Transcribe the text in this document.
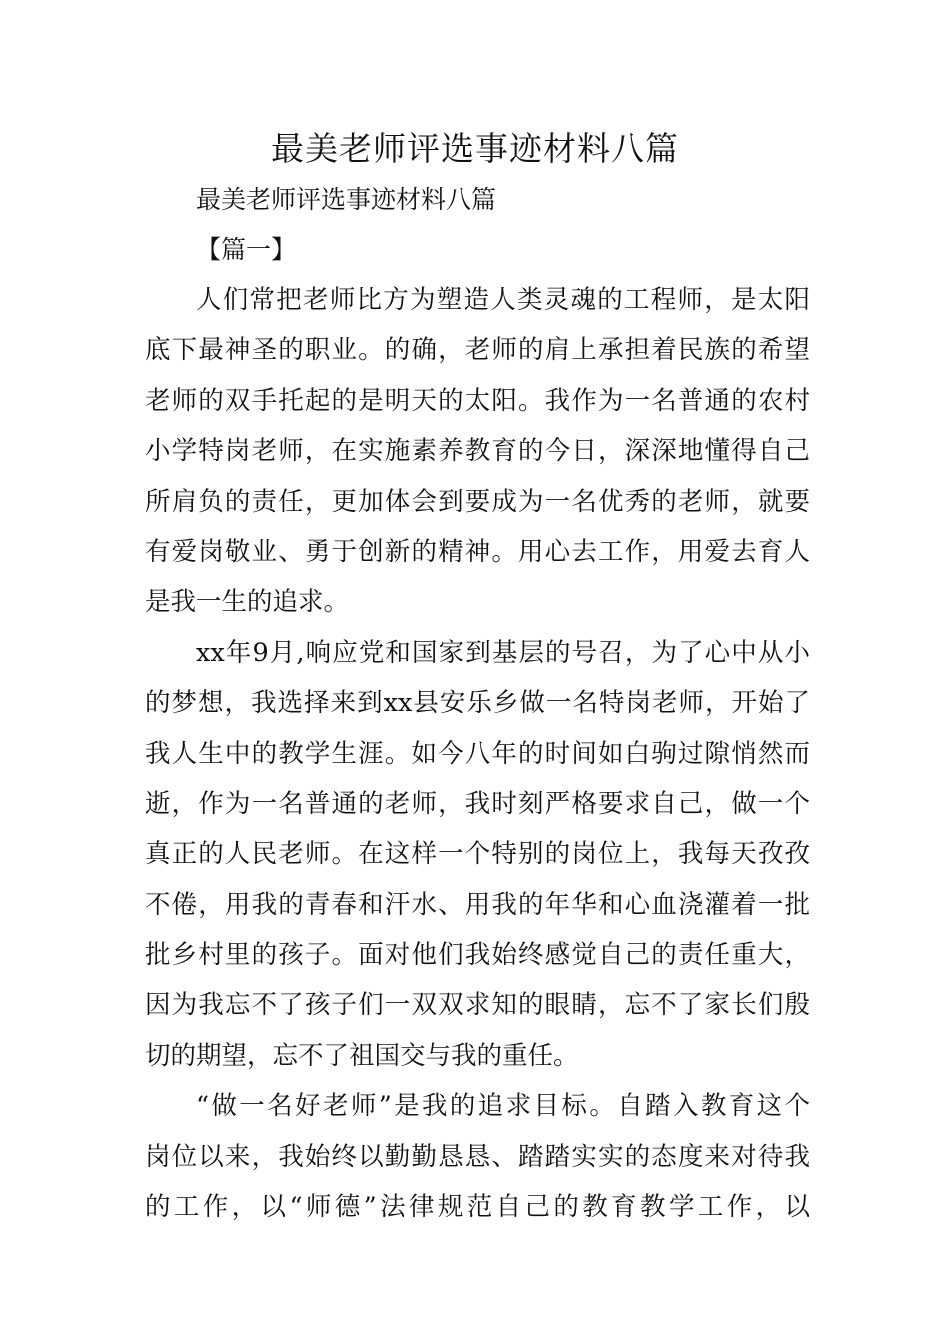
最美老师评选事迹材料八篇
最美老师评选事迹材料八篇
【篇一】
人们常把老师比方为塑造人类灵魂的工程师，是太阳
底下最神圣的职业。的确，老师的肩上承担着民族的希望
老师的双手托起的是明天的太阳。我作为一名普通的农村
小学特岗老师，在实施素养教育的今日，深深地懂得自己
所肩负的责任，更加体会到要成为一名优秀的老师，就要
有爱岗敬业、勇于创新的精神。用心去工作，用爱去育人
是我一生的追求。
xx年9月,响应党和国家到基层的号召，为了心中从小
的梦想，我选择来到xx县安乐乡做一名特岗老师，开始了
我人生中的教学生涯。如今八年的时间如白驹过隙悄然而
逝，作为一名普通的老师，我时刻严格要求自己，做一个
真正的人民老师。在这样一个特别的岗位上，我每天孜孜
不倦，用我的青春和汗水、用我的年华和心血浇灌着一批
批乡村里的孩子。面对他们我始终感觉自己的责任重大，
因为我忘不了孩子们一双双求知的眼睛，忘不了家长们殷
切的期望，忘不了祖国交与我的重任。
“做一名好老师”是我的追求目标。自踏入教育这个
岗位以来，我始终以勤勤恳恳、踏踏实实的态度来对待我
的工作，以“师德”法律规范自己的教育教学工作，以
